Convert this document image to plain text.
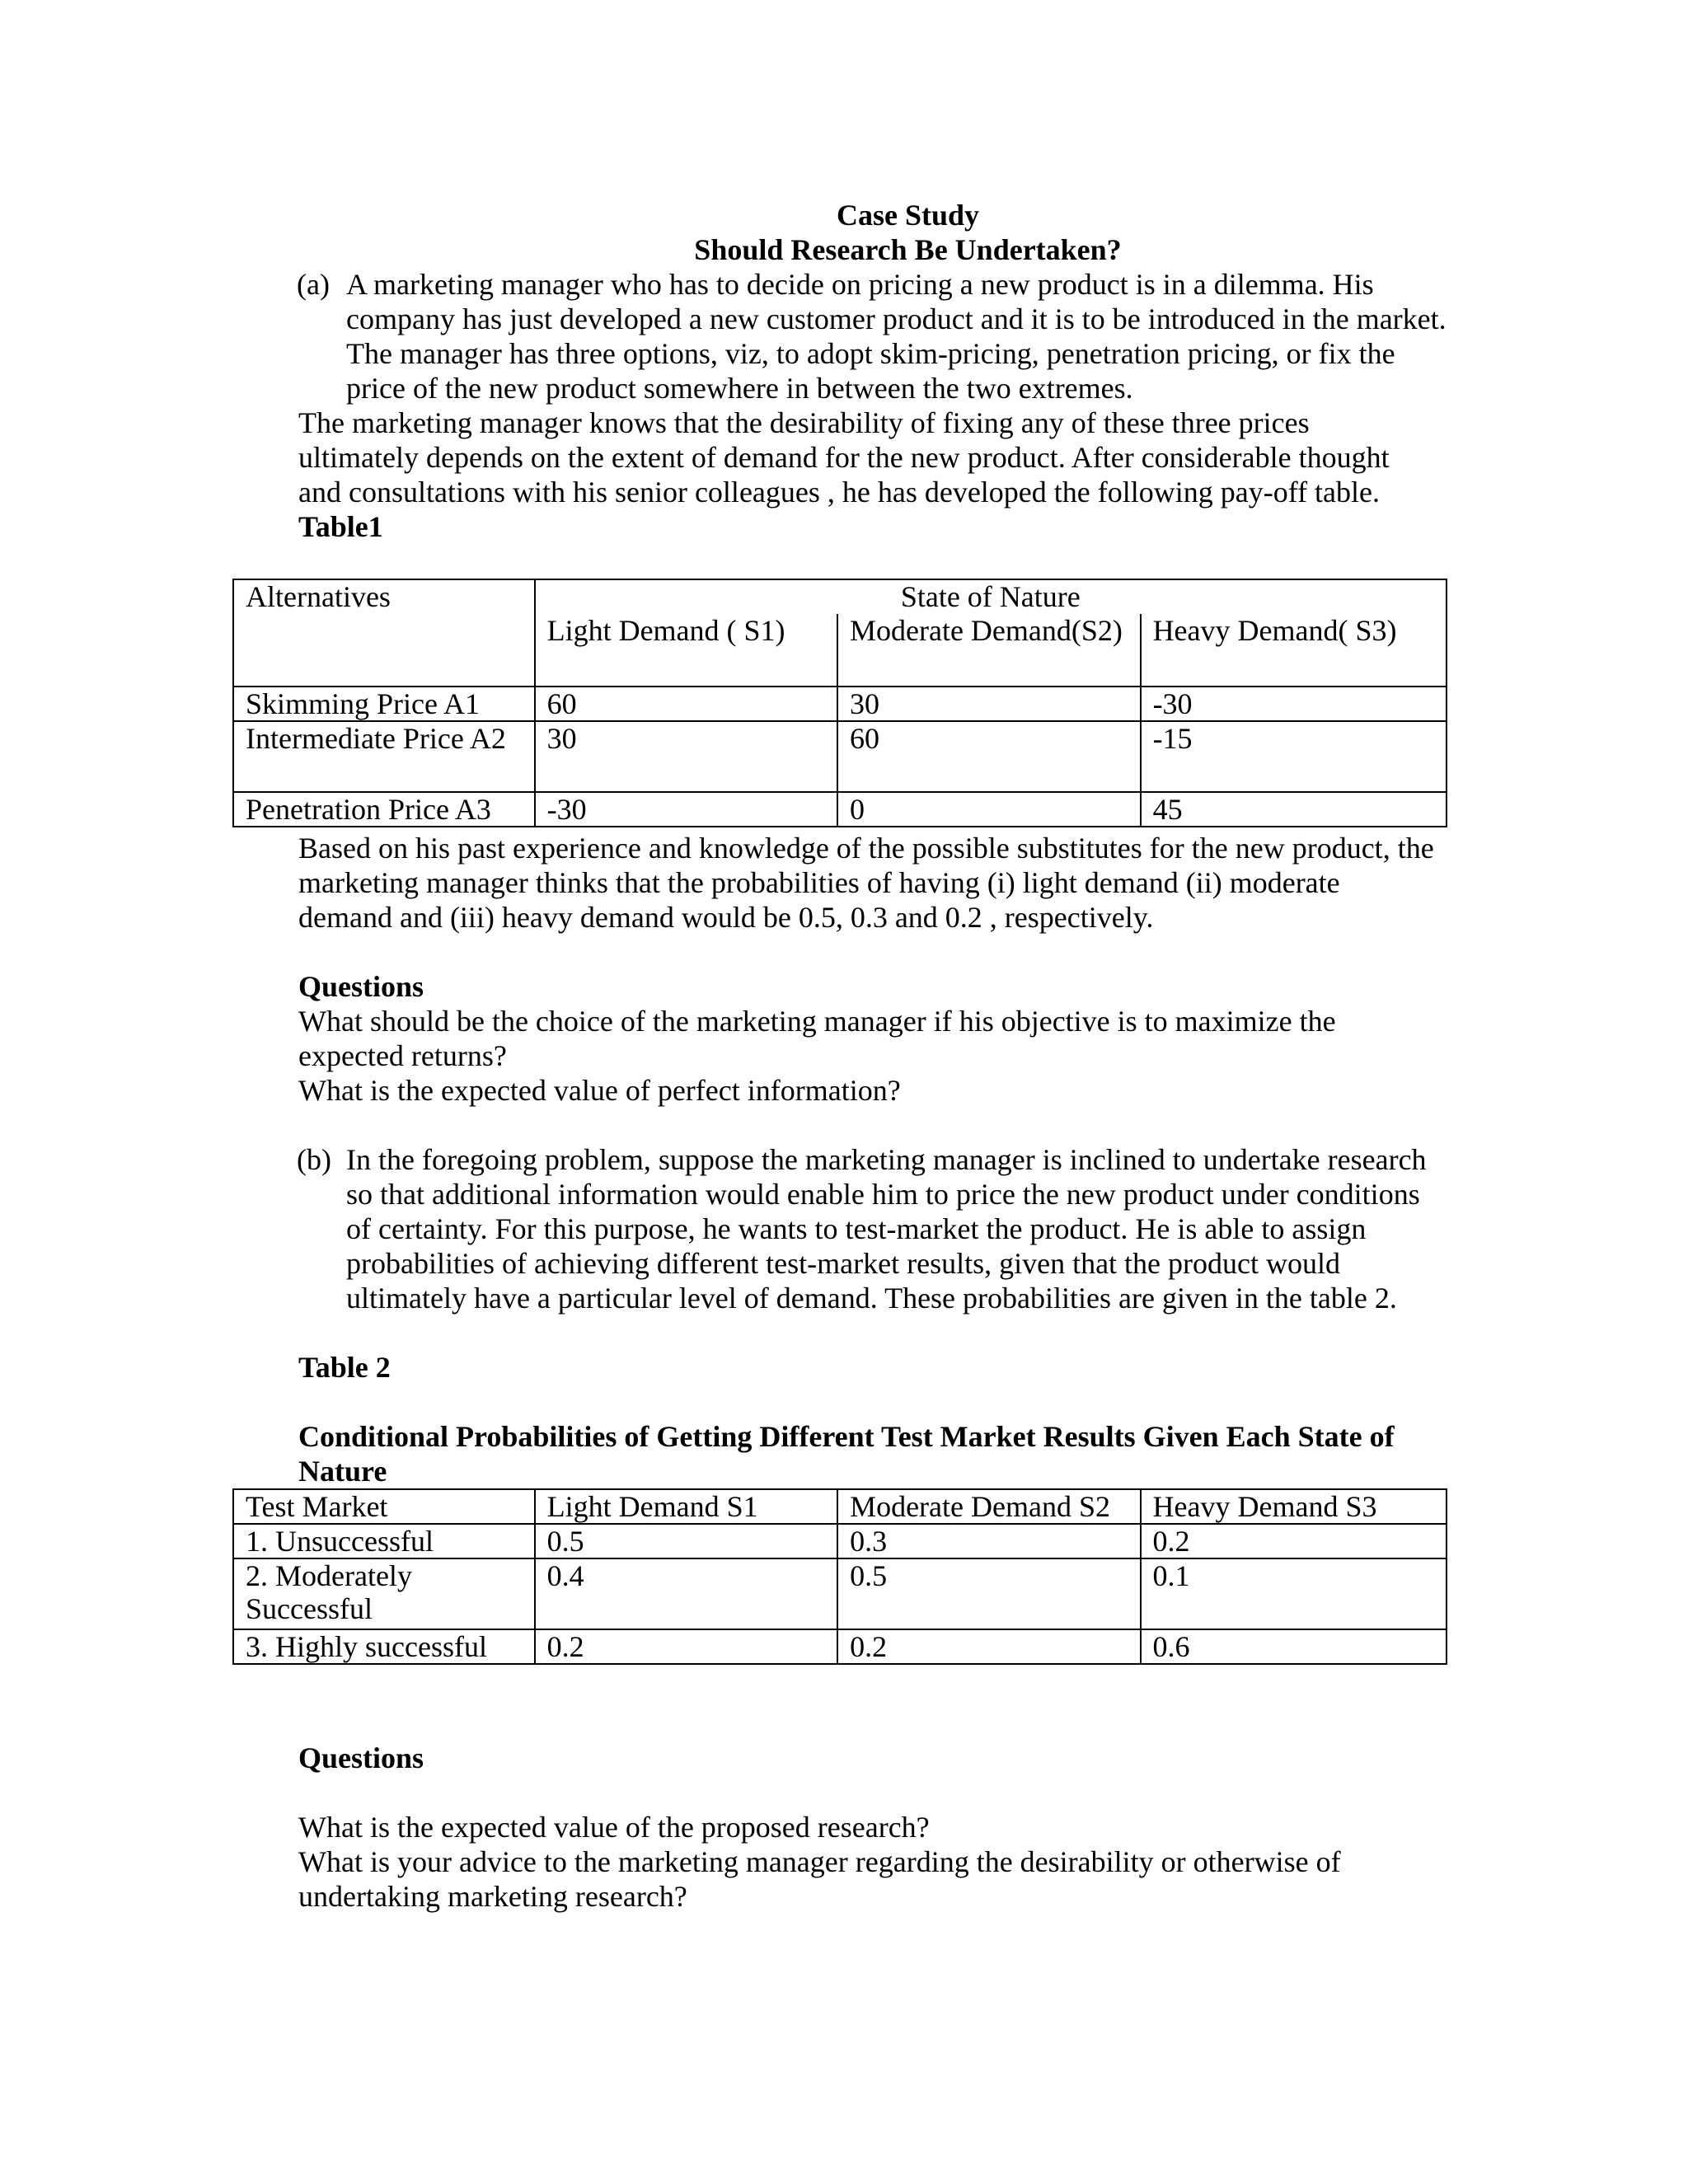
Case Study
Should Research Be Undertaken?
(a) A marketing manager who has to decide on pricing a new product is in a dilemma. His company has just developed a new customer product and it is to be introduced in the market. The manager has three options, viz, to adopt skim-pricing, penetration pricing, or fix the price of the new product somewhere in between the two extremes.
The marketing manager knows that the desirability of fixing any of these three prices ultimately depends on the extent of demand for the new product. After considerable thought and consultations with his senior colleagues , he has developed the following pay-off table.
Table1
Alternatives	State of Nature		
	Light Demand ( S1)	Moderate Demand(S2)	Heavy Demand( S3)
Skimming Price A1	60	30	-30
Intermediate Price A2	30	60	-15
Penetration Price A3	-30	0	45
Based on his past experience and knowledge of the possible substitutes for the new product, the marketing manager thinks that the probabilities of having (i) light demand (ii) moderate demand and (iii) heavy demand would be 0.5, 0.3 and 0.2 , respectively.
Questions
What should be the choice of the marketing manager if his objective is to maximize the expected returns?
What is the expected value of perfect information?
(b) In the foregoing problem, suppose the marketing manager is inclined to undertake research so that additional information would enable him to price the new product under conditions of certainty. For this purpose, he wants to test-market the product. He is able to assign probabilities of achieving different test-market results, given that the product would ultimately have a particular level of demand. These probabilities are given in the table 2.
Table 2
Conditional Probabilities of Getting Different Test Market Results Given Each State of Nature
Test Market	Light Demand S1	Moderate Demand S2	Heavy Demand S3
1. Unsuccessful	0.5	0.3	0.2
2. Moderately Successful	0.4	0.5	0.1
3. Highly successful	0.2	0.2	0.6
Questions
What is the expected value of the proposed research?
What is your advice to the marketing manager regarding the desirability or otherwise of undertaking marketing research?
